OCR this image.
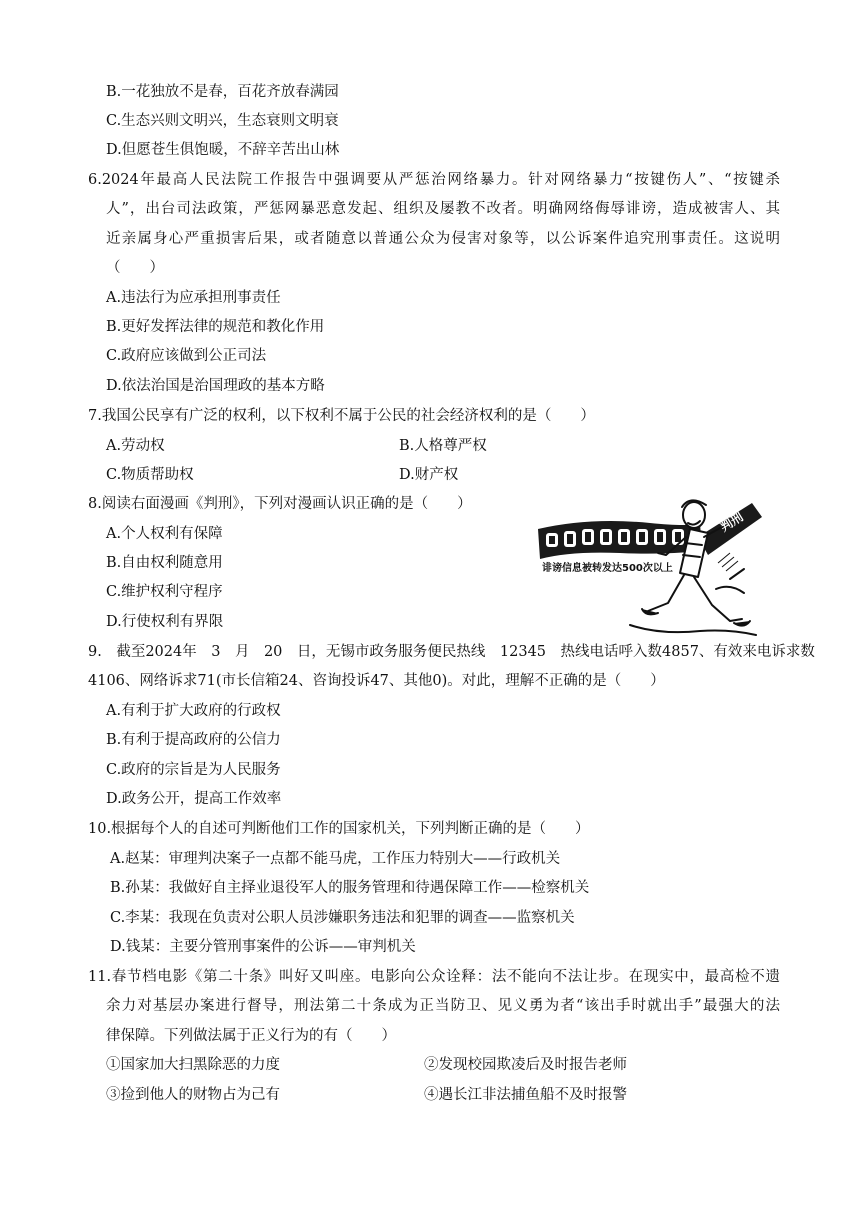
B.一花独放不是春，百花齐放春满园
C.生态兴则文明兴，生态衰则文明衰
D.但愿苍生俱饱暖，不辞辛苦出山林
6.2024年最高人民法院工作报告中强调要从严惩治网络暴力。针对网络暴力“按键伤人”、“按键杀
人”，出台司法政策，严惩网暴恶意发起、组织及屡教不改者。明确网络侮辱诽谤，造成被害人、其
近亲属身心严重损害后果，或者随意以普通公众为侵害对象等，以公诉案件追究刑事责任。这说明
（　　）
A.违法行为应承担刑事责任
B.更好发挥法律的规范和教化作用
C.政府应该做到公正司法
D.依法治国是治国理政的基本方略
7.我国公民享有广泛的权利，以下权利不属于公民的社会经济权利的是（　　）
A.劳动权	B.人格尊严权
C.物质帮助权	D.财产权
8.阅读右面漫画《判刑》，下列对漫画认识正确的是（　　）
A.个人权利有保障
B.自由权利随意用
C.维护权利守程序
D.行使权利有界限
诽谤信息被转发达500次以上
判刑
9.　截至2024年　3　月　20　日，无锡市政务服务便民热线　12345　热线电话呼入数4857、有效来电诉求数
4106、网络诉求71(市长信箱24、咨询投诉47、其他0)。对此，理解不正确的是（　　）
A.有利于扩大政府的行政权
B.有利于提高政府的公信力
C.政府的宗旨是为人民服务
D.政务公开，提高工作效率
10.根据每个人的自述可判断他们工作的国家机关，下列判断正确的是（　　）
A.赵某：审理判决案子一点都不能马虎，工作压力特别大——行政机关
B.孙某：我做好自主择业退役军人的服务管理和待遇保障工作——检察机关
C.李某：我现在负责对公职人员涉嫌职务违法和犯罪的调查——监察机关
D.钱某：主要分管刑事案件的公诉——审判机关
11.春节档电影《第二十条》叫好又叫座。电影向公众诠释：法不能向不法让步。在现实中，最高检不遗
余力对基层办案进行督导，刑法第二十条成为正当防卫、见义勇为者“该出手时就出手”最强大的法
律保障。下列做法属于正义行为的有（　　）
①国家加大扫黑除恶的力度	②发现校园欺凌后及时报告老师
③捡到他人的财物占为己有	④遇长江非法捕鱼船不及时报警
